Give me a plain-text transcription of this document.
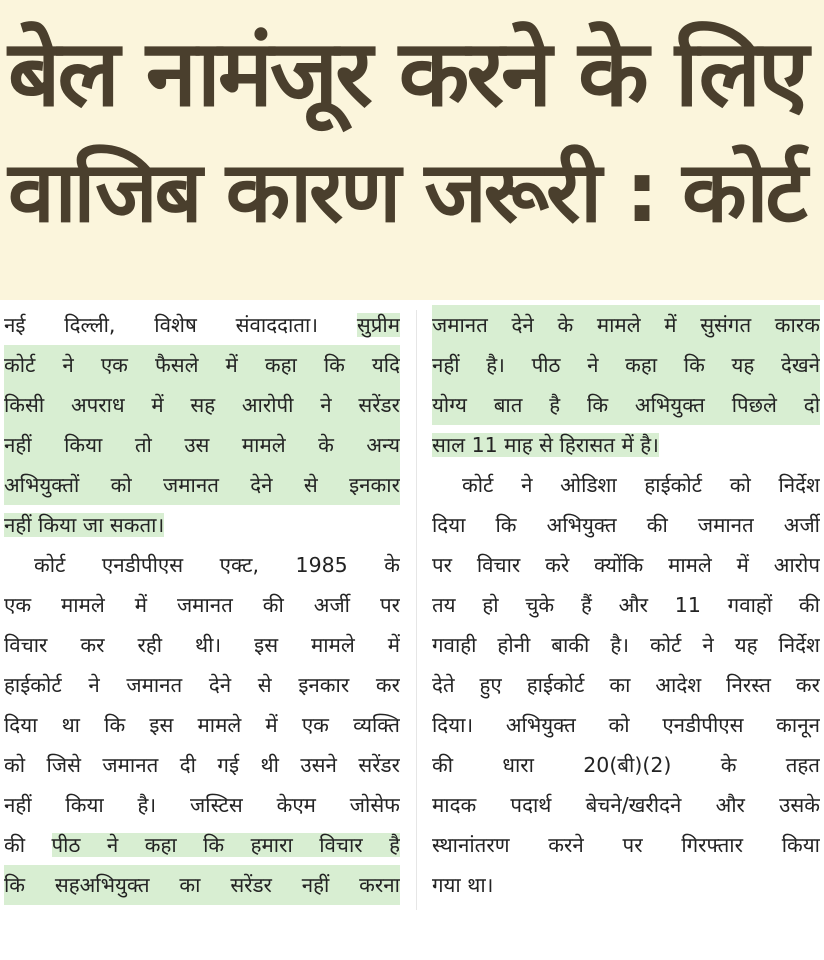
बेल नामंजूर करने के लिए
वाजिब कारण जरूरी : कोर्ट
नई दिल्ली, विशेष संवाददाता। सुप्रीम
कोर्ट ने एक फैसले में कहा कि यदि
किसी अपराध में सह आरोपी ने सरेंडर
नहीं किया तो उस मामले के अन्य
अभियुक्तों को जमानत देने से इनकार
नहीं किया जा सकता।
कोर्ट एनडीपीएस एक्ट, 1985 के
एक मामले में जमानत की अर्जी पर
विचार कर रही थी। इस मामले में
हाईकोर्ट ने जमानत देने से इनकार कर
दिया था कि इस मामले में एक व्यक्ति
को जिसे जमानत दी गई थी उसने सरेंडर
नहीं किया है। जस्टिस केएम जोसेफ
की पीठ ने कहा कि हमारा विचार है
कि सहअभियुक्त का सरेंडर नहीं करना
जमानत देने के मामले में सुसंगत कारक
नहीं है। पीठ ने कहा कि यह देखने
योग्य बात है कि अभियुक्त पिछले दो
साल 11 माह से हिरासत में है।
कोर्ट ने ओडिशा हाईकोर्ट को निर्देश
दिया कि अभियुक्त की जमानत अर्जी
पर विचार करे क्योंकि मामले में आरोप
तय हो चुके हैं और 11 गवाहों की
गवाही होनी बाकी है। कोर्ट ने यह निर्देश
देते हुए हाईकोर्ट का आदेश निरस्त कर
दिया। अभियुक्त को एनडीपीएस कानून
की धारा 20(बी)(2) के तहत
मादक पदार्थ बेचने/खरीदने और उसके
स्थानांतरण करने पर गिरफ्तार किया
गया था।
